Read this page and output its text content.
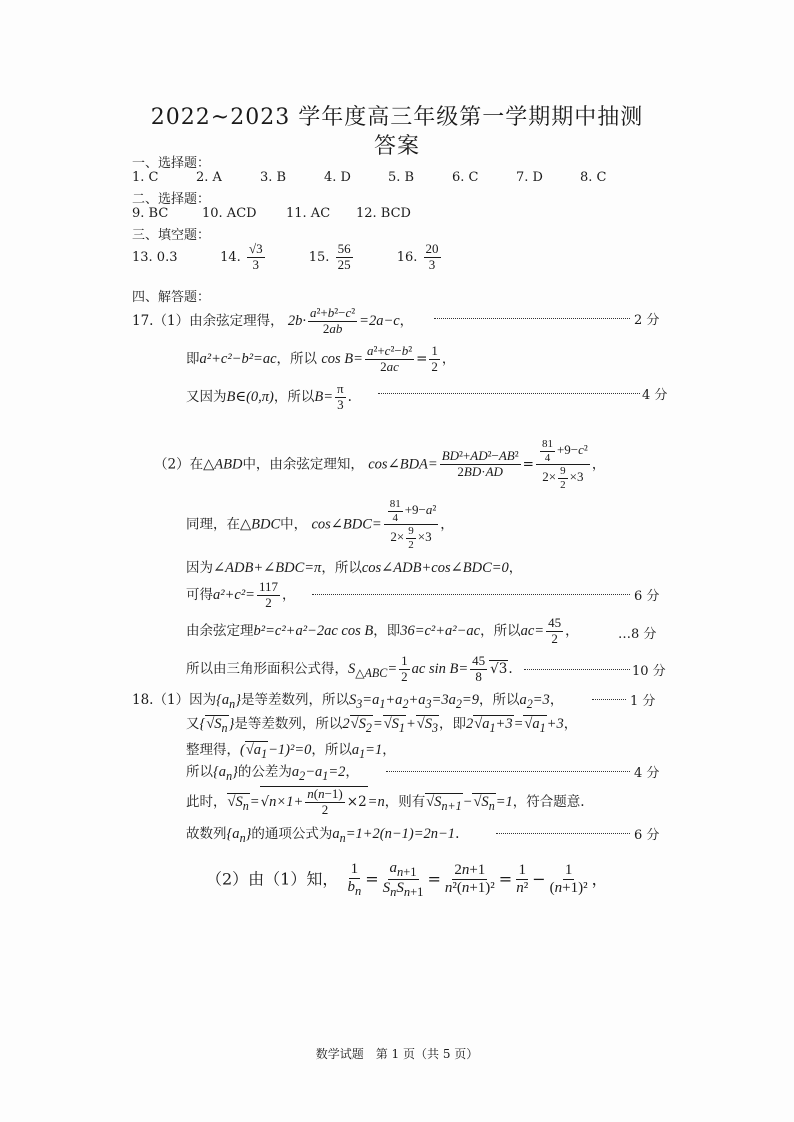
2022~2023 学年度高三年级第一学期期中抽测
答案
一、选择题：
1. C	2. A	3. B	4. D	5. B	6. C	7. D	8. C
二、选择题：
9. BC	10. ACD 11. AC 12. BCD
三、填空题：
13. 0.3	14. $\frac{√3}{3}$	15. $\frac{56}{25}$	16. $\frac{20}{3}$
四、解答题：
17.（1）由余弦定理得， $2b\cdot \frac{\text{a²+b²−c²}}{2ab} =2a-c$，	2 分
即a²+c²−b²=ac，所以 $\cos B= \frac{\text{a²+c²−b²}}{2ac} = \frac{1}{2}$ ，
又因为B∈(0,π)，所以$B= \frac{\pi}{3}$ .	4 分
（2）在△ABD中，由余弦定理知， cos∠BDA= $\frac{\text{BD²+AD²−AB²}}{2BD\cdot AD} = \frac{\frac{81}{4} +9-c^2}{2\times \frac{9}{2} \times 3}$ ，
同理，在△BDC中， cos∠BDC= $\frac{\frac{81}{4} +9-a^2}{2\times \frac{9}{2} \times 3}$ ，
因为∠ADB+∠BDC=π，所以cos∠ADB+cos∠BDC=0，
可得$a^2+c^2= \frac{117}{2}$ ，	6 分
由余弦定理b²=c²+a²−2ac cos B，即36=c²+a²−ac，所以$ac= \frac{45}{2}$ ，	…8 分
所以由三角形面积公式得，$S_{\triangle ABC}= \frac{1}{2}$ ac $\sin B= \frac{45}{8} √3$.	10 分
18.（1）因为$\{a_n\}$是等差数列，所以$S_3=a_1+a_2+a_3=3a_2=9$，所以$a_2=3$，	1 分
又$\{√S_n\}$是等差数列，所以$2√S_2=√S_1+√S_3$，即$2√a_1+3=√a_1+3$，
整理得，$(√a_1-1)^2=0$，所以$a_1=1$，
所以$\{a_n\}$的公差为$a_2-a_1=2$，	4 分
此时，$√S_n=√n\times 1+ \frac{n(n-1)}{2} \times 2=n$，则有$√S_{n+1}-√S_n=1$，符合题意.
故数列$\{a_n\}$的通项公式为$a_n=1+2(n-1)=2n-1$.	6 分
（2）由（1）知， $\frac{1}{b_n} = \frac{a_{n+1}}{S_nS_{n+1}} = \frac{2n+1}{\text{n²(n+1)²}} = \frac{1}{\text{n²}} - \frac{1}{\text{(n+1)²}}$ ，
数学试题　第 1 页（共 5 页）
